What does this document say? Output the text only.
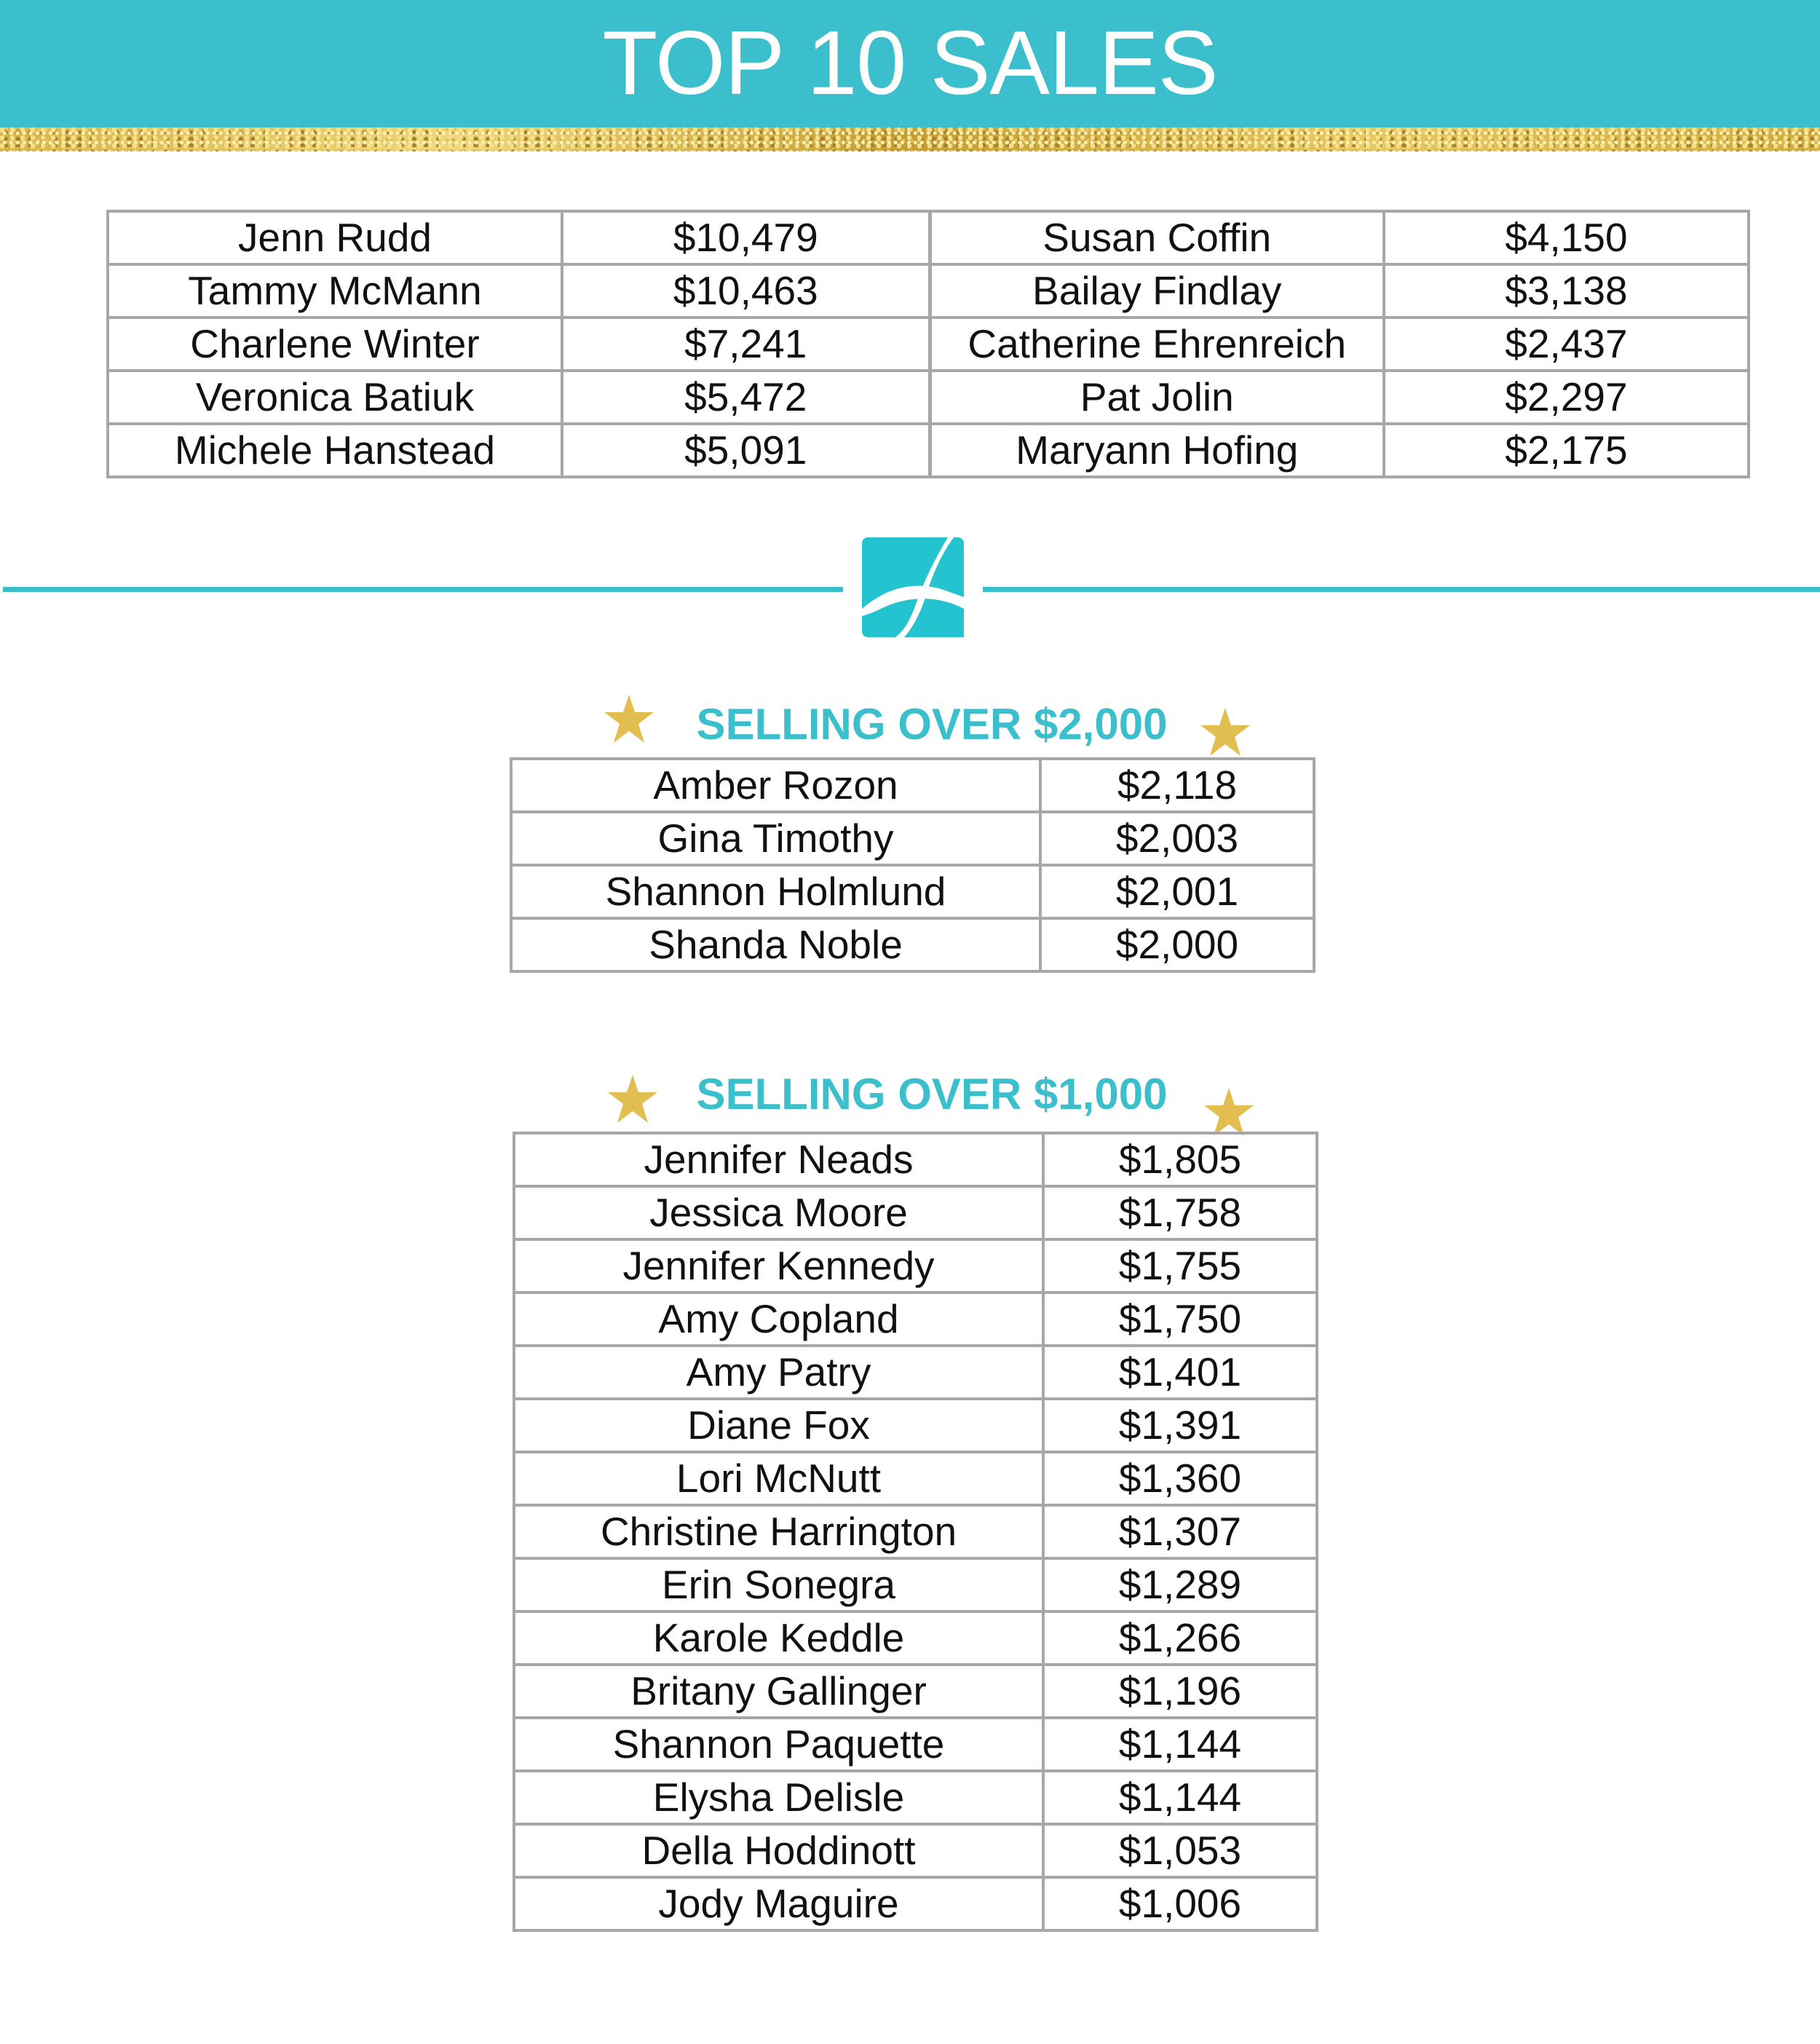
TOP 10 SALES
Jenn Rudd	$10,479	Susan Coffin	$4,150
Tammy McMann	$10,463	Bailay Findlay	$3,138
Charlene Winter	$7,241	Catherine Ehrenreich	$2,437
Veronica Batiuk	$5,472	Pat Jolin	$2,297
Michele Hanstead	$5,091	Maryann Hofing	$2,175
SELLING OVER $2,000
Amber Rozon	$2,118
Gina Timothy	$2,003
Shannon Holmlund	$2,001
Shanda Noble	$2,000
SELLING OVER $1,000
Jennifer Neads	$1,805
Jessica Moore	$1,758
Jennifer Kennedy	$1,755
Amy Copland	$1,750
Amy Patry	$1,401
Diane Fox	$1,391
Lori McNutt	$1,360
Christine Harrington	$1,307
Erin Sonegra	$1,289
Karole Keddle	$1,266
Britany Gallinger	$1,196
Shannon Paquette	$1,144
Elysha Delisle	$1,144
Della Hoddinott	$1,053
Jody Maguire	$1,006
